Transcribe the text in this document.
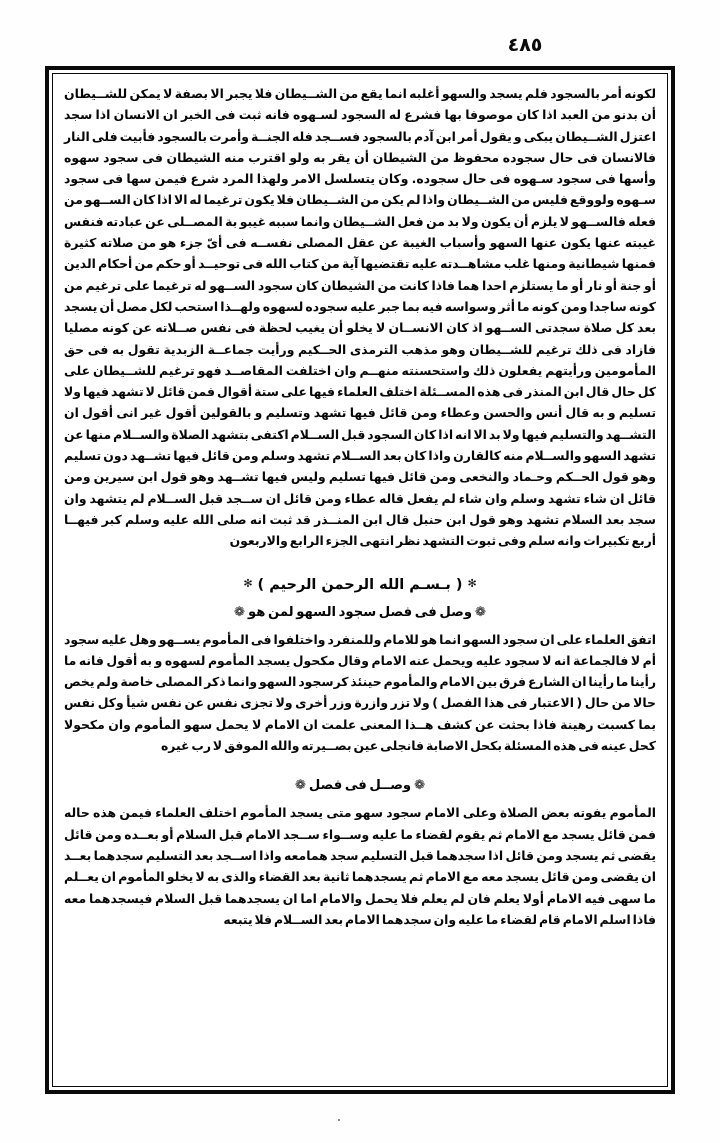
٤٨٥

لكونه أمر بالسجود فلم يسجد والسهو أغلبه انما يقع من الشــيطان فلا يجبر الا بصفة لا يمكن للشــيطان أن بدنو من العبد اذا كان موصوفا بها فشرع له السجود لسـهوه فانه ثبت فى الخبر ان الانسان اذا سجد اعتزل الشــيطان يبكى و يقول أمر ابن آدم بالسجود فســجد فله الجنــة وأمرت بالسجود فأبيت فلى النار فالانسان فى حال سجوده محفوظ من الشيطان أن يقر به ولو اقترب منه الشيطان فى سجود سهوه وأسها فى سجود سـهوه فى حال سجوده. وكان يتسلسل الامر ولهذا المرد شرع فيمن سها فى سجود سـهوه ولووقع فليس من الشــيطان واذا لم يكن من الشــيطان فلا يكون ترغيما له الا اذا كان الســهو من فعله فالســهو لا يلزم أن يكون ولا بد من فعل الشــيطان وانما سببه غيبو بة المصــلى عن عبادته فنفس غيبته عنها يكون عنها السهو وأسباب الغيبة عن عقل المصلى نفســه فى أىّ جزء هو من صلاته كثيرة فمنها شيطانية ومنها غلب مشاهــدته عليه تقتضيها آية من كتاب الله فى توحيــد أو حكم من أحكام الدين أو جنة أو نار أو ما يستلزم احدا هما فاذا كانت من الشيطان كان سجود الســهو له ترغيما على ترغيم من كونه ساجدا ومن كونه ما أثر وسواسه فيه بما جبر عليه سجوده لسهوه ولهــذا استحب لكل مصل أن يسجد بعد كل صلاة سجدتى الســهو اذ كان الانســان لا يخلو أن يغيب لحظة فى نفس صــلاته عن كونه مصليا فازاد فى ذلك ترغيم للشــيطان وهو مذهب الترمذى الحــكيم ورأيت جماعــة الزبدية تقول به فى حق المأمومين ورأيتهم يفعلون ذلك واستحسنته منهــم وان اختلفت المقاصــد فهو ترغيم للشــيطان على كل حال قال ابن المنذر فى هذه المســئلة اختلف العلماء فيها على ستة أقوال فمن قائل لا تشهد فيها ولا تسليم و به قال أنس والحسن وعطاء ومن قائل فيها تشهد وتسليم و بالقولين أقول غير انى أقول ان التشــهد والتسليم فيها ولا بد الا انه اذا كان السجود قبل الســلام اكتفى بتشهد الصلاة والســلام منها عن تشهد السهو والســلام منه كالقارن واذا كان بعد الســلام تشهد وسلم ومن قائل فيها تشــهد دون تسليم وهو قول الحــكم وحـماد والنخعى ومن قائل فيها تسليم وليس فيها تشــهد وهو قول ابن سيرين ومن قائل ان شاء تشهد وسلم وان شاء لم يفعل قاله عطاء ومن قائل ان ســجد قبل الســلام لم يتشهد وان سجد بعد السلام تشهد وهو قول ابن حنبل قال ابن المنــذر قد ثبت انه صلى الله عليه وسلم كبر فيهــا أربع تكبيرات وانه سلم وفى ثبوت التشهد نظر انتهى الجزء الرابع والاربعون

✻( بـسـم الله الرحمن الرحيم )✻
❁وصل فى فصل سجود السهو لمن هو❁

اتفق العلماء على ان سجود السهو انما هو للامام وللمنفرد واختلفوا فى المأموم يســهو وهل عليه سجود أم لا فالجماعة انه لا سجود عليه ويحمل عنه الامام وقال مكحول يسجد المأموم لسهوه و به أقول فانه ما رأينا ما رأينا ان الشارع فرق بين الامام والمأموم حينئذ كرسجود السهو وانما ذكر المصلى خاصة ولم يخص حالا من حال ( الاعتبار فى هذا الفصل ) ولا تزر وازرة وزر أخرى ولا تجزى نفس عن نفس شيأ وكل نفس بما كسبت رهينة فاذا بحثت عن كشف هــذا المعنى علمت ان الامام لا يحمل سهو المأموم وان مكحولا كحل عينه فى هذه المسئلة بكحل الاصابة فانجلى عين بصــيرته والله الموفق لا رب غيره

❁وصــل فى فصل❁

المأموم يفوته بعض الصلاة وعلى الامام سجود سهو متى يسجد المأموم اختلف العلماء فيمن هذه حاله فمن قائل يسجد مع الامام ثم يقوم لقضاء ما عليه وســواء ســجد الامام قبل السلام أو بعــده ومن قائل يقضى ثم يسجد ومن قائل اذا سجدهما قبل التسليم سجد همامعه واذا اســجد بعد التسليم سجدهما بعــد ان يقضى ومن قائل يسجد معه مع الامام ثم يسجدهما ثانية بعد القضاء والذى به لا يخلو المأموم ان يعــلم ما سهى فيه الامام أولا يعلم فان لم يعلم فلا يحمل والامام اما ان يسجدهما قبل السلام فيسجدهما معه فاذا اسلم الامام قام لقضاء ما عليه وان سجدهما الامام بعد الســلام فلا يتبعه
